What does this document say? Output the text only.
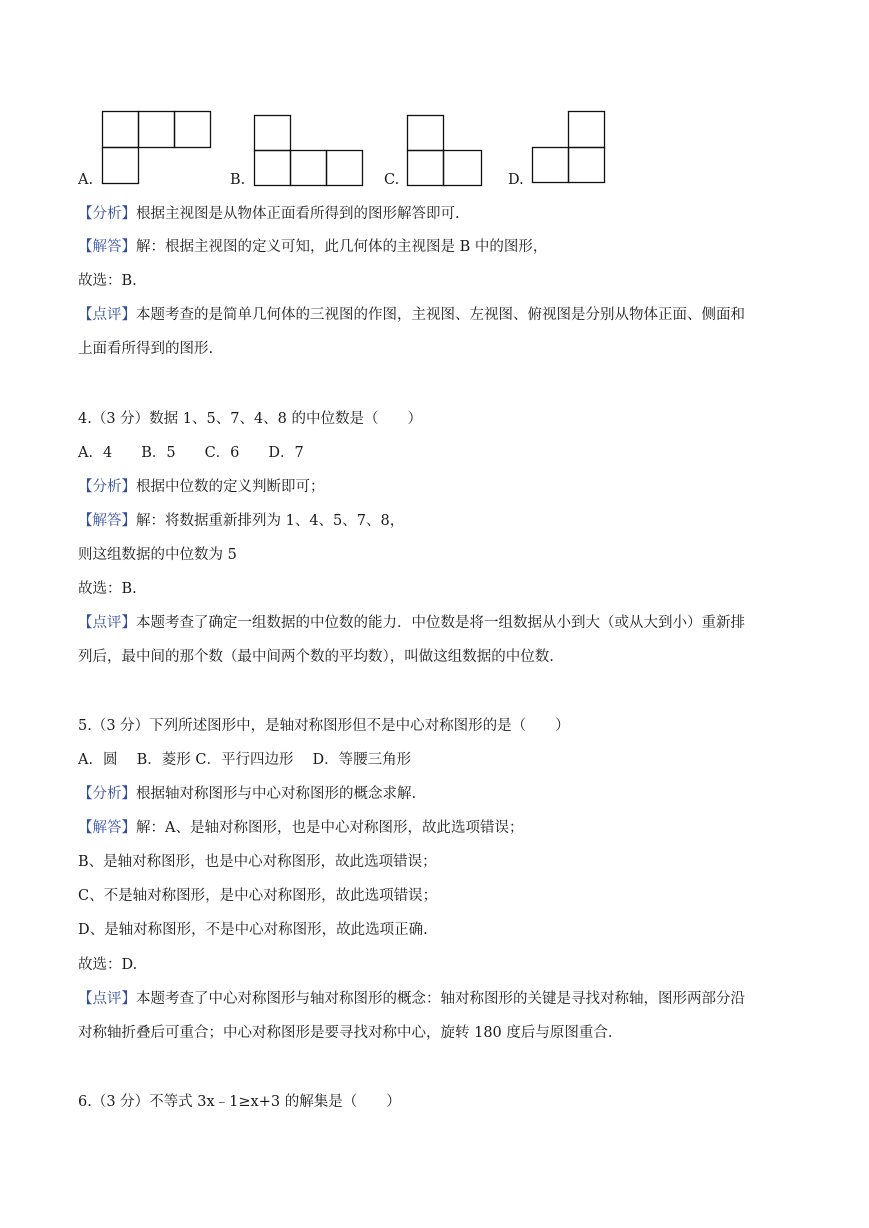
A.	B.	C.	D.
【分析】根据主视图是从物体正面看所得到的图形解答即可.
【解答】解：根据主视图的定义可知，此几何体的主视图是 B 中的图形，
故选：B.
【点评】本题考查的是简单几何体的三视图的作图，主视图、左视图、俯视图是分别从物体正面、侧面和
上面看所得到的图形.
4.（3 分）数据 1、5、7、4、8 的中位数是（　　）
A．4　　B．5　　C．6　　D．7
【分析】根据中位数的定义判断即可；
【解答】解：将数据重新排列为 1、4、5、7、8，
则这组数据的中位数为 5
故选：B.
【点评】本题考查了确定一组数据的中位数的能力．中位数是将一组数据从小到大（或从大到小）重新排
列后，最中间的那个数（最中间两个数的平均数），叫做这组数据的中位数.
5.（3 分）下列所述图形中，是轴对称图形但不是中心对称图形的是（　　）
A．圆　 B．菱形 C．平行四边形　 D．等腰三角形
【分析】根据轴对称图形与中心对称图形的概念求解.
【解答】解：A、是轴对称图形，也是中心对称图形，故此选项错误；
B、是轴对称图形，也是中心对称图形，故此选项错误；
C、不是轴对称图形，是中心对称图形，故此选项错误；
D、是轴对称图形，不是中心对称图形，故此选项正确.
故选：D.
【点评】本题考查了中心对称图形与轴对称图形的概念：轴对称图形的关键是寻找对称轴，图形两部分沿
对称轴折叠后可重合；中心对称图形是要寻找对称中心，旋转 180 度后与原图重合.
6.（3 分）不等式 3x﹣1≥x+3 的解集是（　　）
